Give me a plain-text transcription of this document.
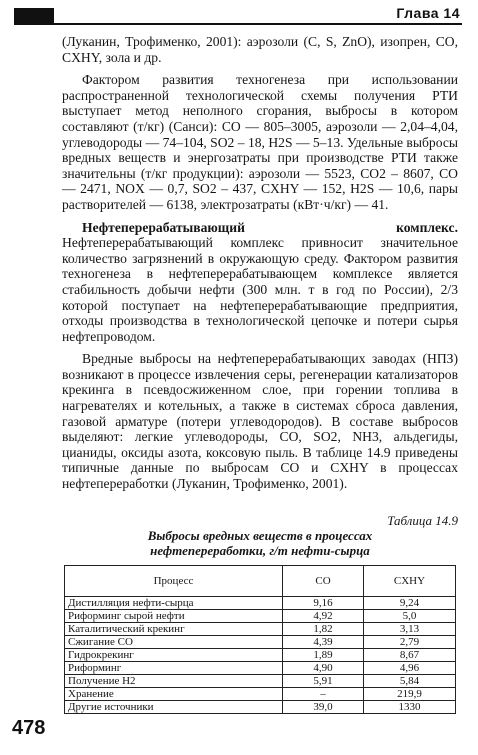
Глава 14

(Луканин, Трофименко, 2001): аэрозоли (С, S, ZnO), изопрен, СО, CXHY, зола и др.

Фактором развития техногенеза при использовании распространенной технологической схемы получения РТИ выступает метод неполного сгорания, выбросы в котором составляют (т/кг) (Санси): СО — 805–3005, аэрозоли — 2,04–4,04, углеводороды — 74–104, SO2 – 18, H2S — 5–13. Удельные выбросы вредных веществ и энергозатраты при производстве РТИ также значительны (т/кг продукции): аэрозоли — 5523, СО2 – 8607, СО — 2471, NOX — 0,7, SO2 – 437, CXHY — 152, H2S — 10,6, пары растворителей — 6138, электрозатраты (кВт·ч/кг) — 41.

Нефтеперерабатывающий комплекс. Нефтеперерабатывающий комплекс привносит значительное количество загрязнений в окружающую среду. Фактором развития техногенеза в нефтеперерабатывающем комплексе является стабильность добычи нефти (300 млн. т в год по России), 2/3 которой поступает на нефтеперерабатывающие предприятия, отходы производства в технологической цепочке и потери сырья нефтепроводом.

Вредные выбросы на нефтеперерабатывающих заводах (НПЗ) возникают в процессе извлечения серы, регенерации катализаторов крекинга в псевдосжиженном слое, при горении топлива в нагревателях и котельных, а также в системах сброса давления, газовой арматуре (потери углеводородов). В составе выбросов выделяют: легкие углеводороды, СО, SO2, NH3, альдегиды, цианиды, оксиды азота, коксовую пыль. В таблице 14.9 приведены типичные данные по выбросам СО и CXHY в процессах нефтепереработки (Луканин, Трофименко, 2001).

Таблица 14.9
Выбросы вредных веществ в процессах
нефтепереработки, г/т нефти-сырца
Процесс	СО	CXHY
Дистилляция нефти-сырца	9,16	9,24
Риформинг сырой нефти	4,92	5,0
Каталитический крекинг	1,82	3,13
Сжигание СО	4,39	2,79
Гидрокрекинг	1,89	8,67
Риформинг	4,90	4,96
Получение H2	5,91	5,84
Хранение	–	219,9
Другие источники	39,0	1330
478
